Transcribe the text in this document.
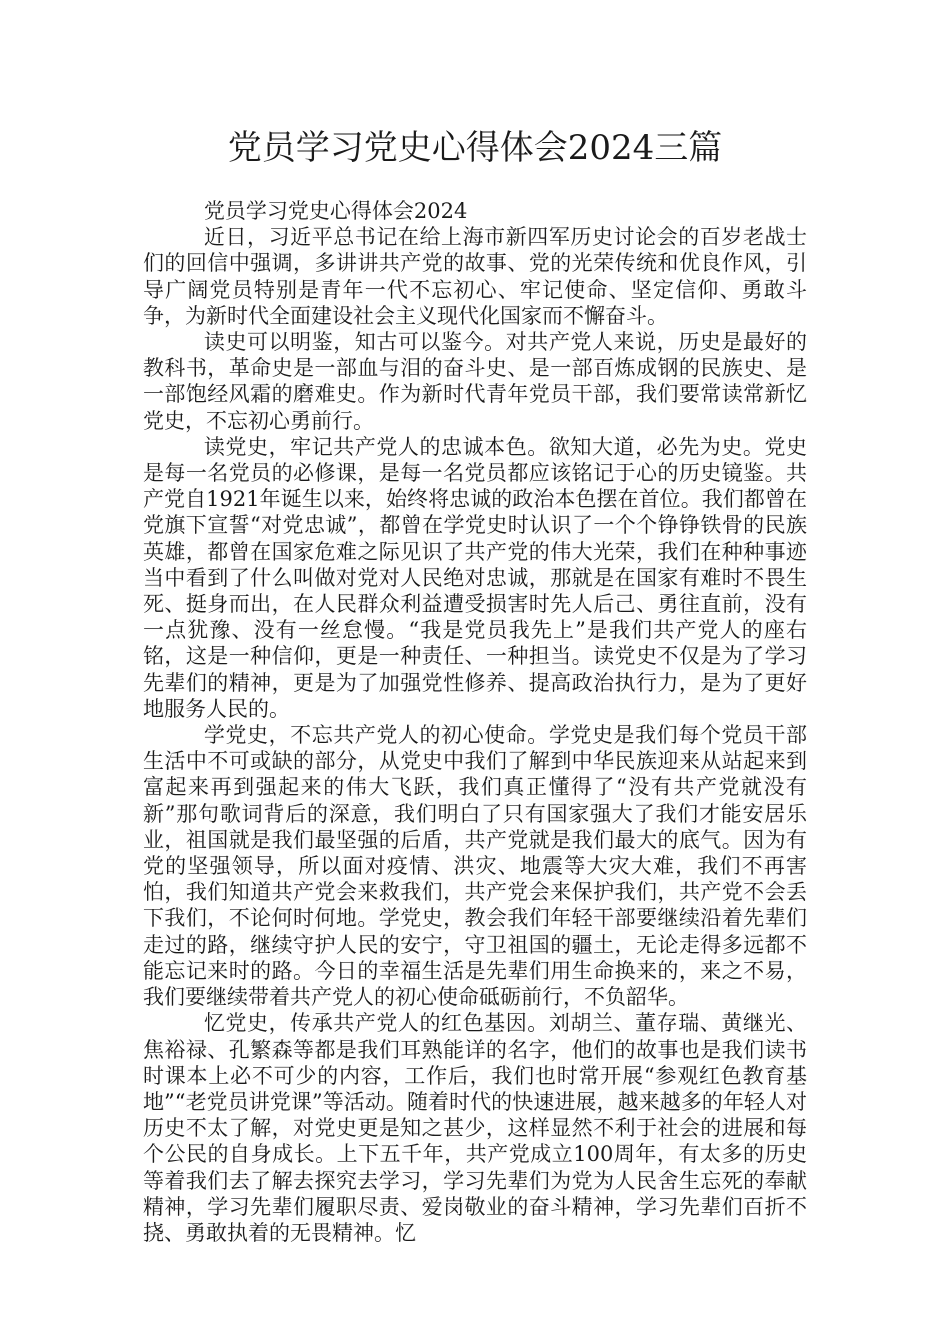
党员学习党史心得体会2024三篇

党员学习党史心得体会2024

近日，习近平总书记在给上海市新四军历史讨论会的百岁老战士们的回信中强调，多讲讲共产党的故事、党的光荣传统和优良作风，引导广阔党员特别是青年一代不忘初心、牢记使命、坚定信仰、勇敢斗争，为新时代全面建设社会主义现代化国家而不懈奋斗。

读史可以明鉴，知古可以鉴今。对共产党人来说，历史是最好的教科书，革命史是一部血与泪的奋斗史、是一部百炼成钢的民族史、是一部饱经风霜的磨难史。作为新时代青年党员干部，我们要常读常新忆党史，不忘初心勇前行。

读党史，牢记共产党人的忠诚本色。欲知大道，必先为史。党史是每一名党员的必修课，是每一名党员都应该铭记于心的历史镜鉴。共产党自1921年诞生以来，始终将忠诚的政治本色摆在首位。我们都曾在党旗下宣誓“对党忠诚”，都曾在学党史时认识了一个个铮铮铁骨的民族英雄，都曾在国家危难之际见识了共产党的伟大光荣，我们在种种事迹当中看到了什么叫做对党对人民绝对忠诚，那就是在国家有难时不畏生死、挺身而出，在人民群众利益遭受损害时先人后己、勇往直前，没有一点犹豫、没有一丝怠慢。“我是党员我先上”是我们共产党人的座右铭，这是一种信仰，更是一种责任、一种担当。读党史不仅是为了学习先辈们的精神，更是为了加强党性修养、提高政治执行力，是为了更好地服务人民的。

学党史，不忘共产党人的初心使命。学党史是我们每个党员干部生活中不可或缺的部分，从党史中我们了解到中华民族迎来从站起来到富起来再到强起来的伟大飞跃，我们真正懂得了“没有共产党就没有新”那句歌词背后的深意，我们明白了只有国家强大了我们才能安居乐业，祖国就是我们最坚强的后盾，共产党就是我们最大的底气。因为有党的坚强领导，所以面对疫情、洪灾、地震等大灾大难，我们不再害怕，我们知道共产党会来救我们，共产党会来保护我们，共产党不会丢下我们，不论何时何地。学党史，教会我们年轻干部要继续沿着先辈们走过的路，继续守护人民的安宁，守卫祖国的疆土，无论走得多远都不能忘记来时的路。今日的幸福生活是先辈们用生命换来的，来之不易，我们要继续带着共产党人的初心使命砥砺前行，不负韶华。

忆党史，传承共产党人的红色基因。刘胡兰、董存瑞、黄继光、焦裕禄、孔繁森等都是我们耳熟能详的名字，他们的故事也是我们读书时课本上必不可少的内容，工作后，我们也时常开展“参观红色教育基地”“老党员讲党课”等活动。随着时代的快速进展，越来越多的年轻人对历史不太了解，对党史更是知之甚少，这样显然不利于社会的进展和每个公民的自身成长。上下五千年，共产党成立100周年，有太多的历史等着我们去了解去探究去学习，学习先辈们为党为人民舍生忘死的奉献精神，学习先辈们履职尽责、爱岗敬业的奋斗精神，学习先辈们百折不挠、勇敢执着的无畏精神。忆
